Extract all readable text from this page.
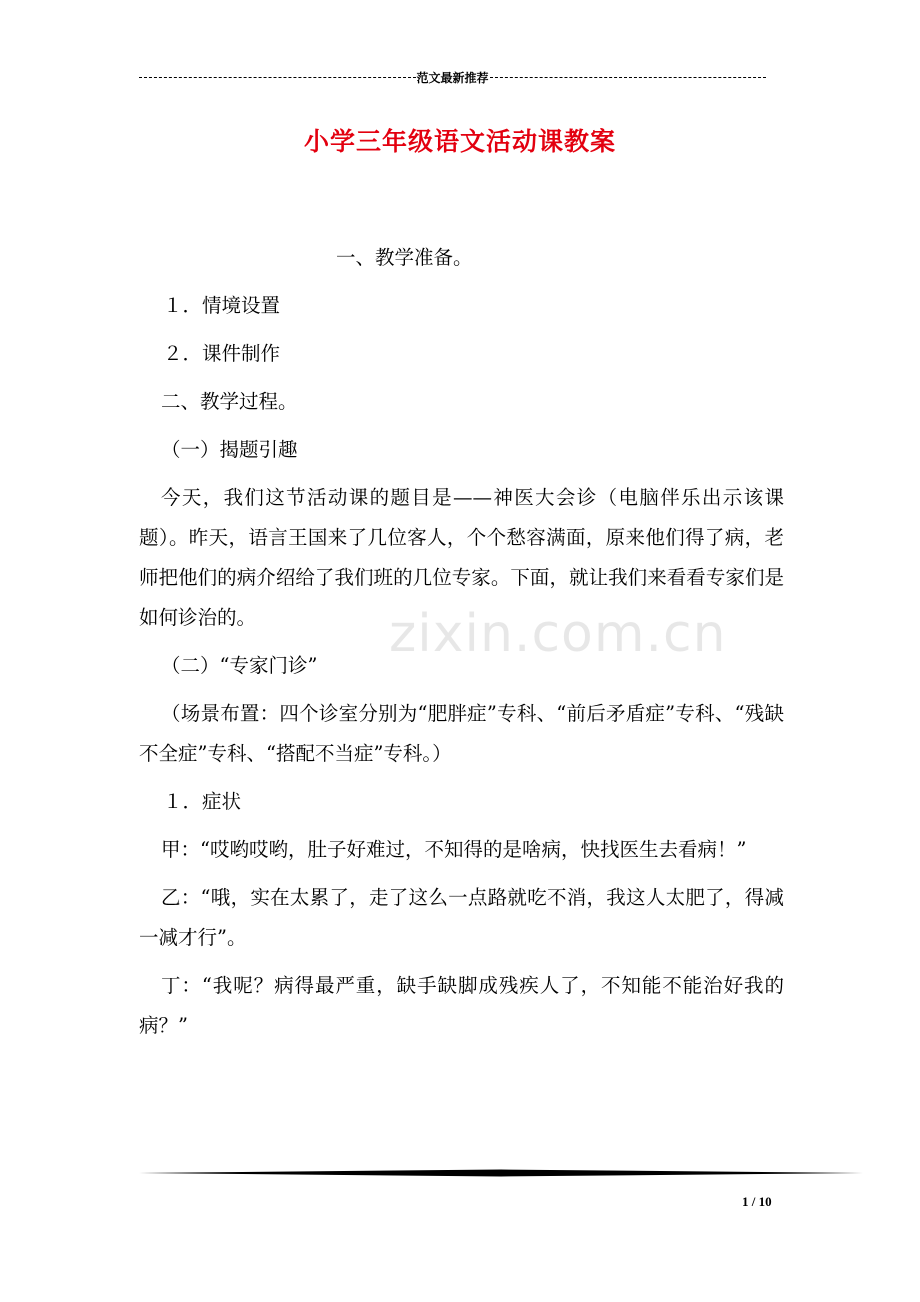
范文最新推荐
小学三年级语文活动课教案

一、教学准备。

１．情境设置

２．课件制作

二、教学过程。

（一）揭题引趣

今天，我们这节活动课的题目是——神医大会诊（电脑伴乐出示该课题）。昨天，语言王国来了几位客人，个个愁容满面，原来他们得了病，老师把他们的病介绍给了我们班的几位专家。下面，就让我们来看看专家们是如何诊治的。

（二）“专家门诊”

（场景布置：四个诊室分别为“肥胖症”专科、“前后矛盾症”专科、“残缺不全症”专科、“搭配不当症”专科。）

１．症状

甲：“哎哟哎哟，肚子好难过，不知得的是啥病，快找医生去看病！”

乙：“哦，实在太累了，走了这么一点路就吃不消，我这人太肥了，得减一减才行”。

丁：“我呢？病得最严重，缺手缺脚成残疾人了，不知能不能治好我的病？”

zixin.com.cn
1 / 10
